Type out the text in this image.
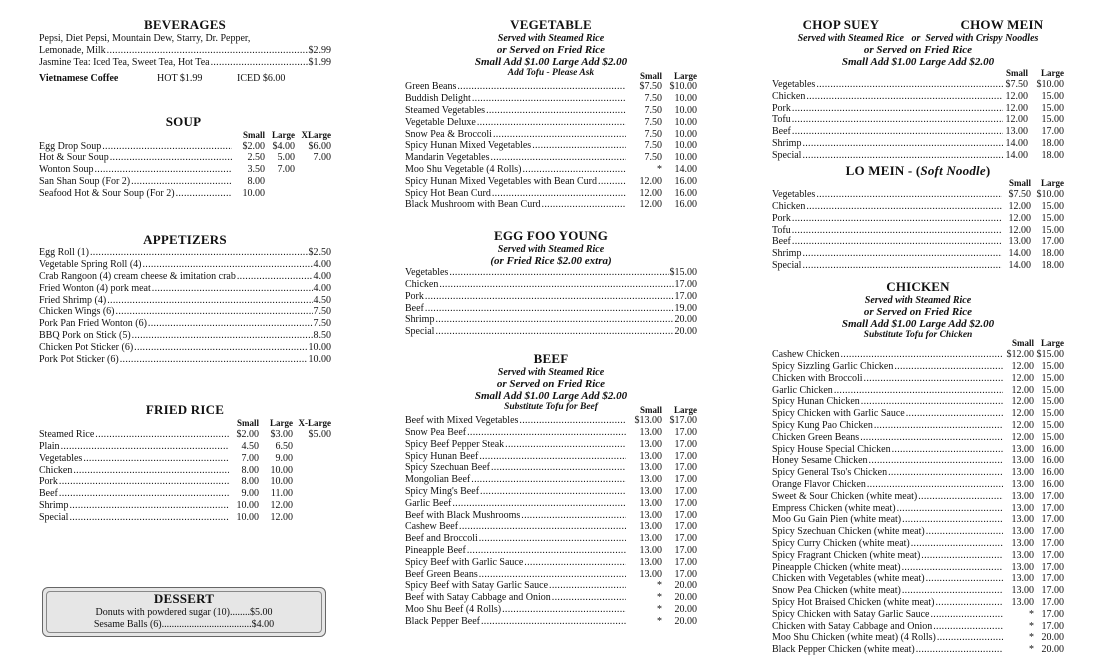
BEVERAGES
Pepsi, Diet Pepsi, Mountain Dew, Starry, Dr. Pepper,
Lemonade, Milk .....	$2.99
Jasmine Tea: Iced Tea, Sweet Tea, Hot Tea .....	$1.99
Vietnamese Coffee	HOT $1.99	ICED $6.00
SOUP
Small Large XLarge
Egg Drop Soup .....	$2.00 $4.00	$6.00
Hot & Sour Soup .....	2.50	5.00	7.00
Wonton Soup .....	3.50	7.00
San Shan Soup (For 2) .....	8.00
Seafood Hot & Sour Soup (For 2) .....	10.00
APPETIZERS
Egg Roll (1) .....	$2.50
Vegetable Spring Roll (4) .....	4.00
Crab Rangoon (4) cream cheese & imitation crab .....	4.00
Fried Wonton (4) pork meat .....	4.00
Fried Shrimp (4) .....	4.50
Chicken Wings (6) .....	7.50
Pork Pan Fried Wonton (6) .....	7.50
BBQ Pork on Stick (5) .....	8.50
Chicken Pot Sticker (6) .....	10.00
Pork Pot Sticker (6) .....	10.00
FRIED RICE
Small	Large X-Large
Steamed Rice .....	$2.00	$3.00	$5.00
Plain .....	4.50	6.50
Vegetables .....	7.00	9.00
Chicken .....	8.00	10.00
Pork .....	8.00	10.00
Beef .....	9.00	11.00
Shrimp .....	10.00	12.00
Special .....	10.00	12.00
DESSERT
Donuts with powdered sugar (10) ........ $5.00
Sesame Balls (6) .................................... $4.00
VEGETABLE
Served with Steamed Rice
or Served on Fried Rice
Small Add $1.00 Large Add $2.00
Add Tofu - Please Ask	Small	Large
Green Beans .....	$7.50 $10.00
Buddish Delight .....	7.50	10.00
Steamed Vegetables .....	7.50	10.00
Vegetable Deluxe .....	7.50	10.00
Snow Pea & Broccoli .....	7.50	10.00
Spicy Hunan Mixed Vegetables .....	7.50	10.00
Mandarin Vegetables .....	7.50	10.00
Moo Shu Vegetable (4 Rolls) .....	*	14.00
Spicy Hunan Mixed Vegetables with Bean Curd .....	12.00	16.00
Spicy Hot Bean Curd .....	12.00	16.00
Black Mushroom with Bean Curd .....	12.00	16.00
EGG FOO YOUNG
Served with Steamed Rice
(or Fried Rice $2.00 extra)
Vegetables .....	$15.00
Chicken .....	17.00
Pork .....	17.00
Beef .....	19.00
Shrimp .....	20.00
Special .....	20.00
BEEF
Served with Steamed Rice
or Served on Fried Rice
Small Add $1.00 Large Add $2.00
Substitute Tofu for Beef	Small	Large
Beef with Mixed Vegetables .....	$13.00 $17.00
Snow Pea Beef .....	13.00	17.00
Spicy Beef Pepper Steak .....	13.00	17.00
Spicy Hunan Beef .....	13.00	17.00
Spicy Szechuan Beef .....	13.00	17.00
Mongolian Beef .....	13.00	17.00
Spicy Ming's Beef .....	13.00	17.00
Garlic Beef .....	13.00	17.00
Beef with Black Mushrooms .....	13.00	17.00
Cashew Beef .....	13.00	17.00
Beef and Broccoli .....	13.00	17.00
Pineapple Beef .....	13.00	17.00
Spicy Beef with Garlic Sauce .....	13.00	17.00
Beef Green Beans .....	13.00	17.00
Spicy Beef with Satay Garlic Sauce .....	*	20.00
Beef with Satay Cabbage and Onion .....	*	20.00
Moo Shu Beef (4 Rolls) .....	*	20.00
Black Pepper Beef .....	*	20.00
CHOP SUEY	CHOW MEIN
Served with Steamed Rice or Served with Crispy Noodles
or Served on Fried Rice
Small Add $1.00 Large Add $2.00
Small	Large
Vegetables .....	$7.50 $10.00
Chicken .....	12.00	15.00
Pork .....	12.00	15.00
Tofu .....	12.00	15.00
Beef .....	13.00	17.00
Shrimp .....	14.00	18.00
Special .....	14.00	18.00
LO MEIN - (Soft Noodle)
Small	Large
Vegetables .....	$7.50 $10.00
Chicken .....	12.00	15.00
Pork .....	12.00	15.00
Tofu .....	12.00	15.00
Beef .....	13.00	17.00
Shrimp .....	14.00	18.00
Special .....	14.00	18.00
CHICKEN
Served with Steamed Rice
or Served on Fried Rice
Small Add $1.00 Large Add $2.00
Substitute Tofu for Chicken
Small Large
Cashew Chicken .....	$12.00 $15.00
Spicy Sizzling Garlic Chicken .....	12.00 15.00
Chicken with Broccoli .....	12.00 15.00
Garlic Chicken .....	12.00 15.00
Spicy Hunan Chicken .....	12.00 15.00
Spicy Chicken with Garlic Sauce .....	12.00 15.00
Spicy Kung Pao Chicken .....	12.00 15.00
Chicken Green Beans .....	12.00 15.00
Spicy House Special Chicken .....	13.00 16.00
Honey Sesame Chicken .....	13.00 16.00
Spicy General Tso's Chicken .....	13.00 16.00
Orange Flavor Chicken .....	13.00 16.00
Sweet & Sour Chicken (white meat) .....	13.00 17.00
Empress Chicken (white meat) .....	13.00 17.00
Moo Gu Gain Pien (white meat) .....	13.00 17.00
Spicy Szechuan Chicken (white meat) .....	13.00 17.00
Spicy Curry Chicken (white meat) .....	13.00 17.00
Spicy Fragrant Chicken (white meat) .....	13.00 17.00
Pineapple Chicken (white meat) .....	13.00 17.00
Chicken with Vegetables (white meat) .....	13.00 17.00
Snow Pea Chicken (white meat) .....	13.00 17.00
Spicy Hot Braised Chicken (white meat) .....	13.00 17.00
Spicy Chicken with Satay Garlic Sauce .....	* 17.00
Chicken with Satay Cabbage and Onion .....	* 17.00
Moo Shu Chicken (white meat) (4 Rolls) .....	* 20.00
Black Pepper Chicken (white meat) .....	* 20.00
